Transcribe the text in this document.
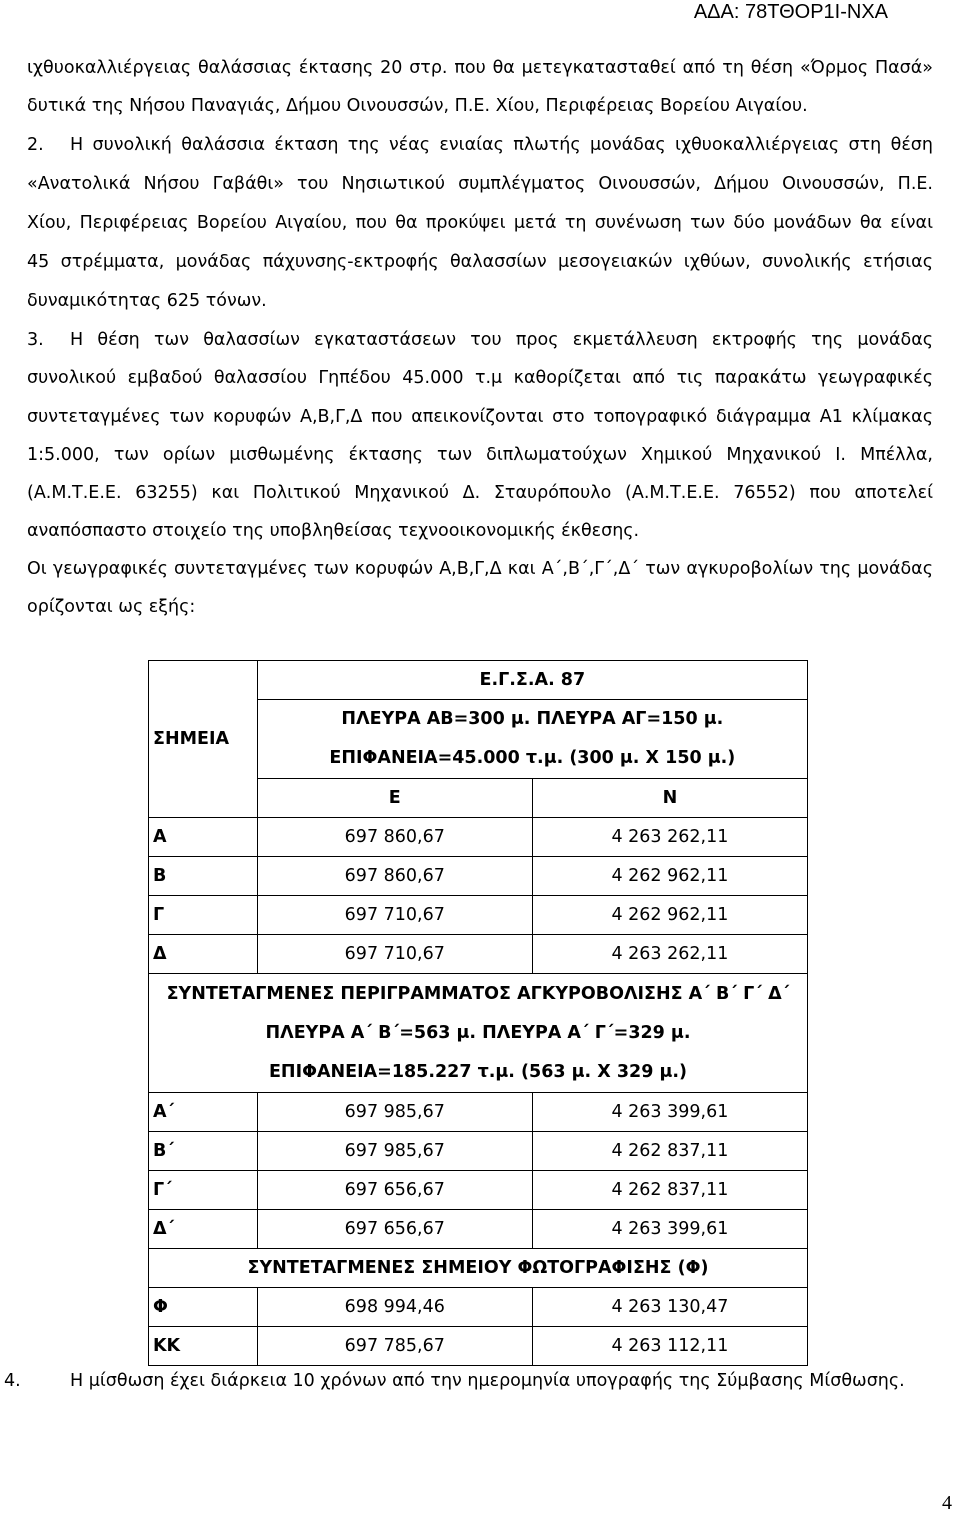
ΑΔΑ: 78ΤΘΟΡ1Ι-ΝΧΑ
ιχθυοκαλλιέργειας θαλάσσιας έκτασης 20 στρ. που θα μετεγκατασταθεί από τη θέση «Όρμος Πασά»
δυτικά της Νήσου Παναγιάς, Δήμου Οινουσσών, Π.Ε. Χίου, Περιφέρειας Βορείου Αιγαίου.
2. Η συνολική θαλάσσια έκταση της νέας ενιαίας πλωτής μονάδας ιχθυοκαλλιέργειας στη θέση
«Ανατολικά Νήσου Γαβάθι» του Νησιωτικού συμπλέγματος Οινουσσών, Δήμου Οινουσσών, Π.Ε.
Χίου, Περιφέρειας Βορείου Αιγαίου, που θα προκύψει μετά τη συνένωση των δύο μονάδων θα είναι
45 στρέμματα, μονάδας πάχυνσης-εκτροφής θαλασσίων μεσογειακών ιχθύων, συνολικής ετήσιας
δυναμικότητας 625 τόνων.
3. Η θέση των θαλασσίων εγκαταστάσεων του προς εκμετάλλευση εκτροφής της μονάδας
συνολικού εμβαδού θαλασσίου Γηπέδου 45.000 τ.μ καθορίζεται από τις παρακάτω γεωγραφικές
συντεταγμένες των κορυφών Α,Β,Γ,Δ που απεικονίζονται στο τοπογραφικό διάγραμμα Α1 κλίμακας
1:5.000, των ορίων μισθωμένης έκτασης των διπλωματούχων Χημικού Μηχανικού Ι. Μπέλλα,
(Α.Μ.Τ.Ε.Ε. 63255) και Πολιτικού Μηχανικού Δ. Σταυρόπουλο (Α.Μ.Τ.Ε.Ε. 76552) που αποτελεί
αναπόσπαστο στοιχείο της υποβληθείσας τεχνοοικονομικής έκθεσης.
Οι γεωγραφικές συντεταγμένες των κορυφών Α,Β,Γ,Δ και Α΄,Β΄,Γ΄,Δ΄ των αγκυροβολίων της μονάδας
ορίζονται ως εξής:
ΣΗΜΕΙΑ	Ε.Γ.Σ.Α. 87	

	ΠΛΕΥΡΑ ΑΒ=300 μ. ΠΛΕΥΡΑ ΑΓ=150 μ.
ΕΠΙΦΑΝΕΙΑ=45.000 τ.μ. (300 μ. Χ 150 μ.)	

	Ε	Ν
Α	697 860,67	4 263 262,11
Β	697 860,67	4 262 962,11
Γ	697 710,67	4 262 962,11
Δ	697 710,67	4 263 262,11

ΣΥΝΤΕΤΑΓΜΕΝΕΣ ΠΕΡΙΓΡΑΜΜΑΤΟΣ ΑΓΚΥΡΟΒΟΛΙΣΗΣ Α΄ Β΄ Γ΄ Δ΄
ΠΛΕΥΡΑ Α΄ Β΄=563 μ. ΠΛΕΥΡΑ Α΄ Γ΄=329 μ.
ΕΠΙΦΑΝΕΙΑ=185.227 τ.μ. (563 μ. Χ 329 μ.)		

Α΄	697 985,67	4 263 399,61
Β΄	697 985,67	4 262 837,11
Γ΄	697 656,67	4 262 837,11
Δ΄	697 656,67	4 263 399,61
ΣΥΝΤΕΤΑΓΜΕΝΕΣ ΣΗΜΕΙΟΥ ΦΩΤΟΓΡΑΦΙΣΗΣ (Φ)		
Φ	698 994,46	4 263 130,47
ΚΚ	697 785,67	4 263 112,11
4.	Η μίσθωση έχει διάρκεια 10 χρόνων από την ημερομηνία υπογραφής της Σύμβασης Μίσθωσης.
4
